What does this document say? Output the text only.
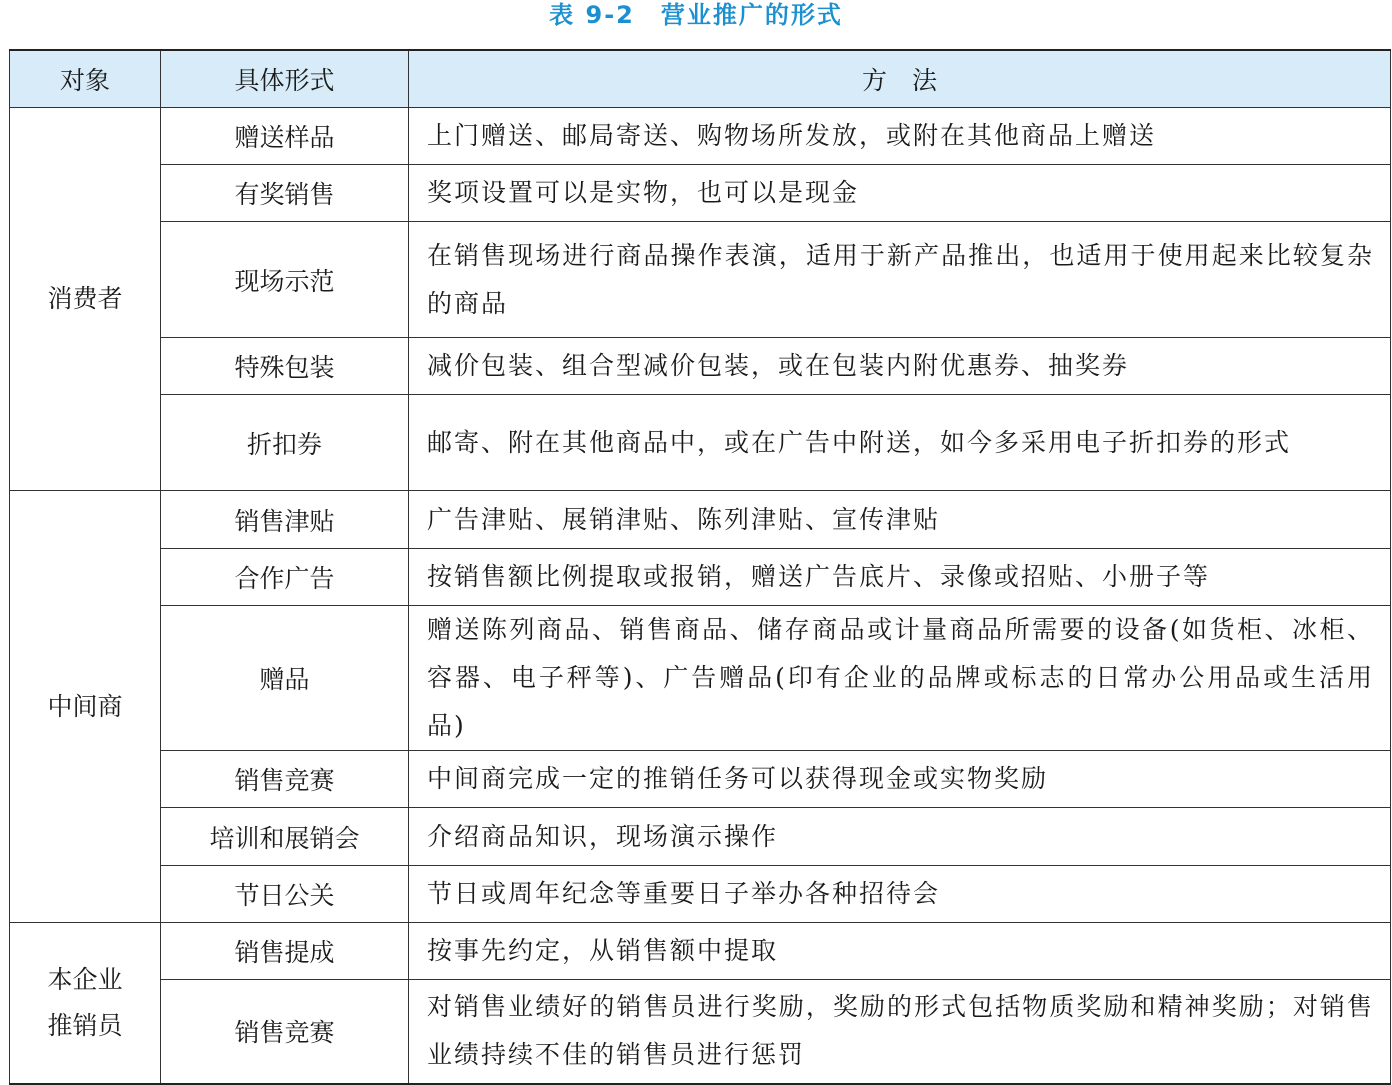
表 9-2 营业推广的形式
对象	具体形式	方　法
消费者	赠送样品	上门赠送、邮局寄送、购物场所发放，或附在其他商品上赠送
	有奖销售	奖项设置可以是实物，也可以是现金
	现场示范	在销售现场进行商品操作表演，适用于新产品推出，也适用于使用起来比较复杂的商品
	特殊包装	减价包装、组合型减价包装，或在包装内附优惠券、抽奖券
	折扣券	邮寄、附在其他商品中，或在广告中附送，如今多采用电子折扣券的形式
中间商	销售津贴	广告津贴、展销津贴、陈列津贴、宣传津贴
	合作广告	按销售额比例提取或报销，赠送广告底片、录像或招贴、小册子等
	赠品	赠送陈列商品、销售商品、储存商品或计量商品所需要的设备(如货柜、冰柜、容器、电子秤等)、广告赠品(印有企业的品牌或标志的日常办公用品或生活用品)
	销售竞赛	中间商完成一定的推销任务可以获得现金或实物奖励
	培训和展销会	介绍商品知识，现场演示操作
	节日公关	节日或周年纪念等重要日子举办各种招待会

本企业
推销员	销售提成	按事先约定，从销售额中提取
	销售竞赛	对销售业绩好的销售员进行奖励，奖励的形式包括物质奖励和精神奖励；对销售业绩持续不佳的销售员进行惩罚
